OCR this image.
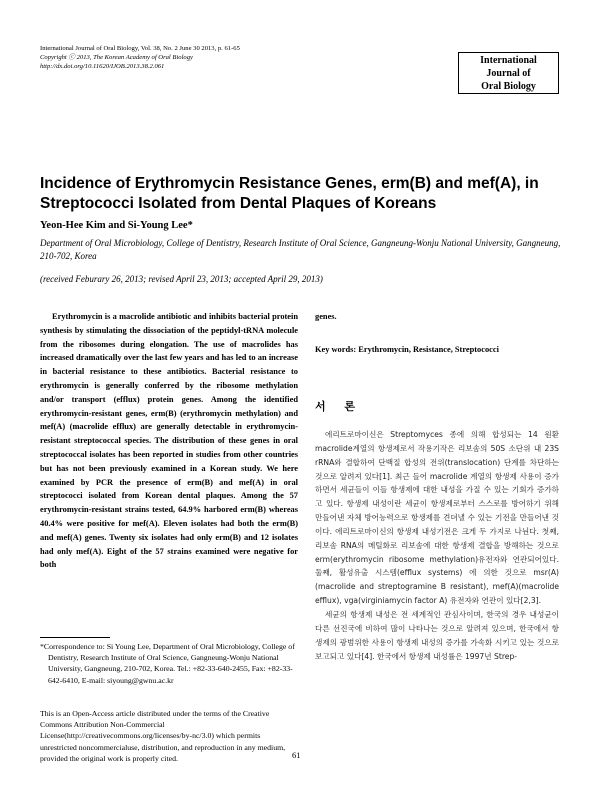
International Journal of Oral Biology, Vol. 38, No. 2 June 30 2013, p. 61-65
Copyright ⓒ 2013, The Korean Academy of Oral Biology
http://dx.doi.org/10.11620/IJOB.2013.38.2.061
International
Journal of
Oral Biology
Incidence of Erythromycin Resistance Genes, erm(B) and mef(A), in Streptococci Isolated from Dental Plaques of Koreans
Yeon-Hee Kim and Si-Young Lee*
Department of Oral Microbiology, College of Dentistry, Research Institute of Oral Science, Gangneung-Wonju National University, Gangneung, 210-702, Korea
(received Feburary 26, 2013; revised April 23, 2013; accepted April 29, 2013)

Erythromycin is a macrolide antibiotic and inhibits bacterial protein synthesis by stimulating the dissociation of the peptidyl-tRNA molecule from the ribosomes during elongation. The use of macrolides has increased dramatically over the last few years and has led to an increase in bacterial resistance to these antibiotics. Bacterial resistance to erythromycin is generally conferred by the ribosome methylation and/or transport (efflux) protein genes. Among the identified erythromycin-resistant genes, erm(B) (erythromycin methylation) and mef(A) (macrolide efflux) are generally detectable in erythromycin-resistant streptococcal species. The distribution of these genes in oral streptococcal isolates has been reported in studies from other countries but has not been previously examined in a Korean study. We here examined by PCR the presence of erm(B) and mef(A) in oral streptococci isolated from Korean dental plaques. Among the 57 erythromycin-resistant strains tested, 64.9% harbored erm(B) whereas 40.4% were positive for mef(A). Eleven isolates had both the erm(B) and mef(A) genes. Twenty six isolates had only erm(B) and 12 isolates had only mef(A). Eight of the 57 strains examined were negative for both

genes.
Key words: Erythromycin, Resistance, Streptococci
서 론

에리트로마이신은 Streptomyces 종에 의해 합성되는 14 원환 macrolide계열의 항생제로서 작용기작은 리보솜의 50S 소단위 내 23S rRNA와 결합하여 단백질 합성의 전위(translocation) 단계를 차단하는 것으로 알려져 있다[1]. 최근 들어 macrolide 계열의 항생제 사용이 증가하면서 세균들이 이들 항생제에 대한 내성을 가질 수 있는 기회가 증가하고 있다. 항생제 내성이란 세균이 항생제로부터 스스로를 방어하기 위해 만들어낸 자체 방어능력으로 항생제를 견뎌낼 수 있는 기전을 만들어낸 것이다. 에리트로마이신의 항생제 내성기전은 크게 두 가지로 나뉜다. 첫째, 리보솜 RNA의 메틸화로 리보솜에 대한 항생제 결합을 방해하는 것으로 erm(erythromycin ribosome methylation)유전자와 연관되어있다. 둘째, 활성유출 시스템(efflux systems) 에 의한 것으로 msr(A)(macrolide and streptogramine B resistant), mef(A)(macrolide efflux), vga(virginiamycin factor A) 유전자와 연관이 있다[2,3].

세균의 항생제 내성은 전 세계적인 관심사이며, 한국의 경우 내성균이 다른 선진국에 비하여 많이 나타나는 것으로 알려져 있으며, 한국에서 항생제의 광범위한 사용이 항생제 내성의 증가를 가속화 시키고 있는 것으로 보고되고 있다[4]. 한국에서 항생제 내성률은 1997년 Strep-

*Correspondence to: Si Young Lee, Department of Oral Microbiology, College of Dentistry, Research Institute of Oral Science, Gangneung-Wonju National University, Gangneung, 210-702, Korea. Tel.: +82-33-640-2455, Fax: +82-33-642-6410, E-mail: siyoung@gwnu.ac.kr

This is an Open-Access article distributed under the terms of the Creative Commons Attribution Non-Commercial License(http://creativecommons.org/licenses/by-nc/3.0) which permits unrestricted noncommercialuse, distribution, and reproduction in any medium, provided the original work is properly cited.	61
